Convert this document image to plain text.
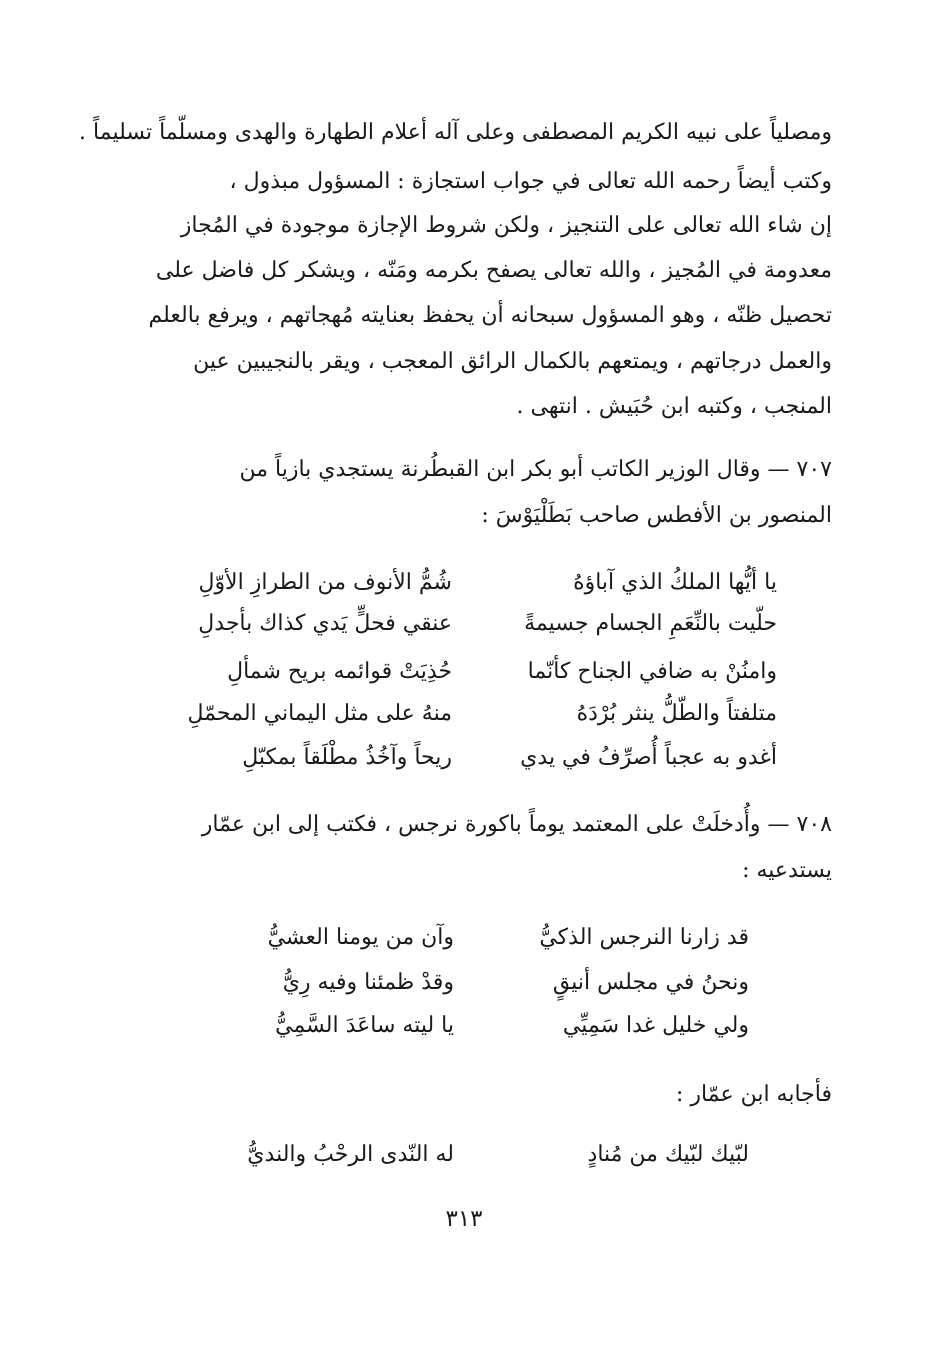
ومصلياً على نبيه الكريم المصطفى وعلى آله أعلام الطهارة والهدى ومسلّماً تسليماً .
وكتب أيضاً رحمه الله تعالى في جواب استجازة : المسؤول مبذول ،
إن شاء الله تعالى على التنجيز ، ولكن شروط الإجازة موجودة في المُجاز
معدومة في المُجيز ، والله تعالى يصفح بكرمه ومَنّه ، ويشكر كل فاضل على
تحصيل ظنّه ، وهو المسؤول سبحانه أن يحفظ بعنايته مُهجاتهم ، ويرفع بالعلم
والعمل درجاتهم ، ويمتعهم بالكمال الرائق المعجب ، ويقر بالنجيبين عين
المنجب ، وكتبه ابن حُبَيش . انتهى .
٧٠٧ — وقال الوزير الكاتب أبو بكر ابن القبطُرنة يستجدي بازياً من
المنصور بن الأفطس صاحب بَطَلْيَوْسَ :
يا أيُّها الملكُ الذي آباؤهُ
شُمُّ الأنوف من الطرازِ الأوّلِ
حلّيت بالنِّعَمِ الجسام جسيمةً
عنقي فحلٍّ يَدي كذاك بأجدلِ
وامنُنْ به ضافي الجناح كأنّما
حُذِيَتْ قوائمه بريح شمألِ
متلفتاً والطّلُّ ينثر بُرْدَهُ
منهُ على مثل اليماني المحمّلِ
أغدو به عجباً أُصرِّفُ في يدي
ريحاً وآخُذُ مطْلَقاً بمكبّلِ
٧٠٨ — وأُدخلَتْ على المعتمد يوماً باكورة نرجس ، فكتب إلى ابن عمّار
يستدعيه :
قد زارنا النرجس الذكيُّ
وآن من يومنا العشيُّ
ونحنُ في مجلس أنيقٍ
وقدْ ظمئنا وفيه رِيُّ
ولي خليل غدا سَمِيِّي
يا ليته ساعَدَ السَّمِيُّ
فأجابه ابن عمّار :
لبّيك لبّيك من مُنادٍ
له النّدى الرحْبُ والنديُّ
٣١٣
